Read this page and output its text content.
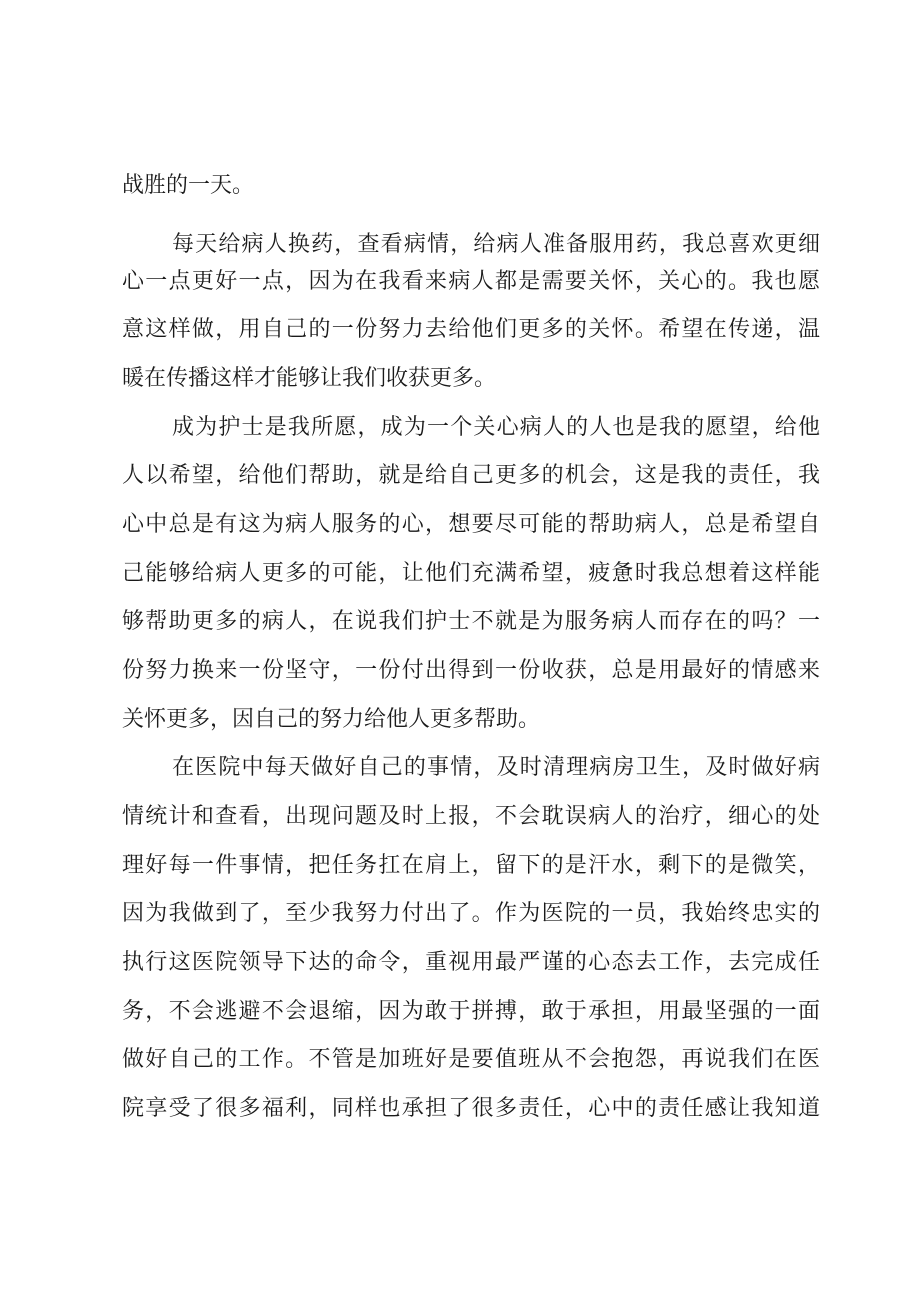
战胜的一天。
每天给病人换药，查看病情，给病人准备服用药，我总喜欢更细
心一点更好一点，因为在我看来病人都是需要关怀，关心的。我也愿
意这样做，用自己的一份努力去给他们更多的关怀。希望在传递，温
暖在传播这样才能够让我们收获更多。
成为护士是我所愿，成为一个关心病人的人也是我的愿望，给他
人以希望，给他们帮助，就是给自己更多的机会，这是我的责任，我
心中总是有这为病人服务的心，想要尽可能的帮助病人，总是希望自
己能够给病人更多的可能，让他们充满希望，疲惫时我总想着这样能
够帮助更多的病人，在说我们护士不就是为服务病人而存在的吗？一
份努力换来一份坚守，一份付出得到一份收获，总是用最好的情感来
关怀更多，因自己的努力给他人更多帮助。
在医院中每天做好自己的事情，及时清理病房卫生，及时做好病
情统计和查看，出现问题及时上报，不会耽误病人的治疗，细心的处
理好每一件事情，把任务扛在肩上，留下的是汗水，剩下的是微笑，
因为我做到了，至少我努力付出了。作为医院的一员，我始终忠实的
执行这医院领导下达的命令，重视用最严谨的心态去工作，去完成任
务，不会逃避不会退缩，因为敢于拼搏，敢于承担，用最坚强的一面
做好自己的工作。不管是加班好是要值班从不会抱怨，再说我们在医
院享受了很多福利，同样也承担了很多责任，心中的责任感让我知道
